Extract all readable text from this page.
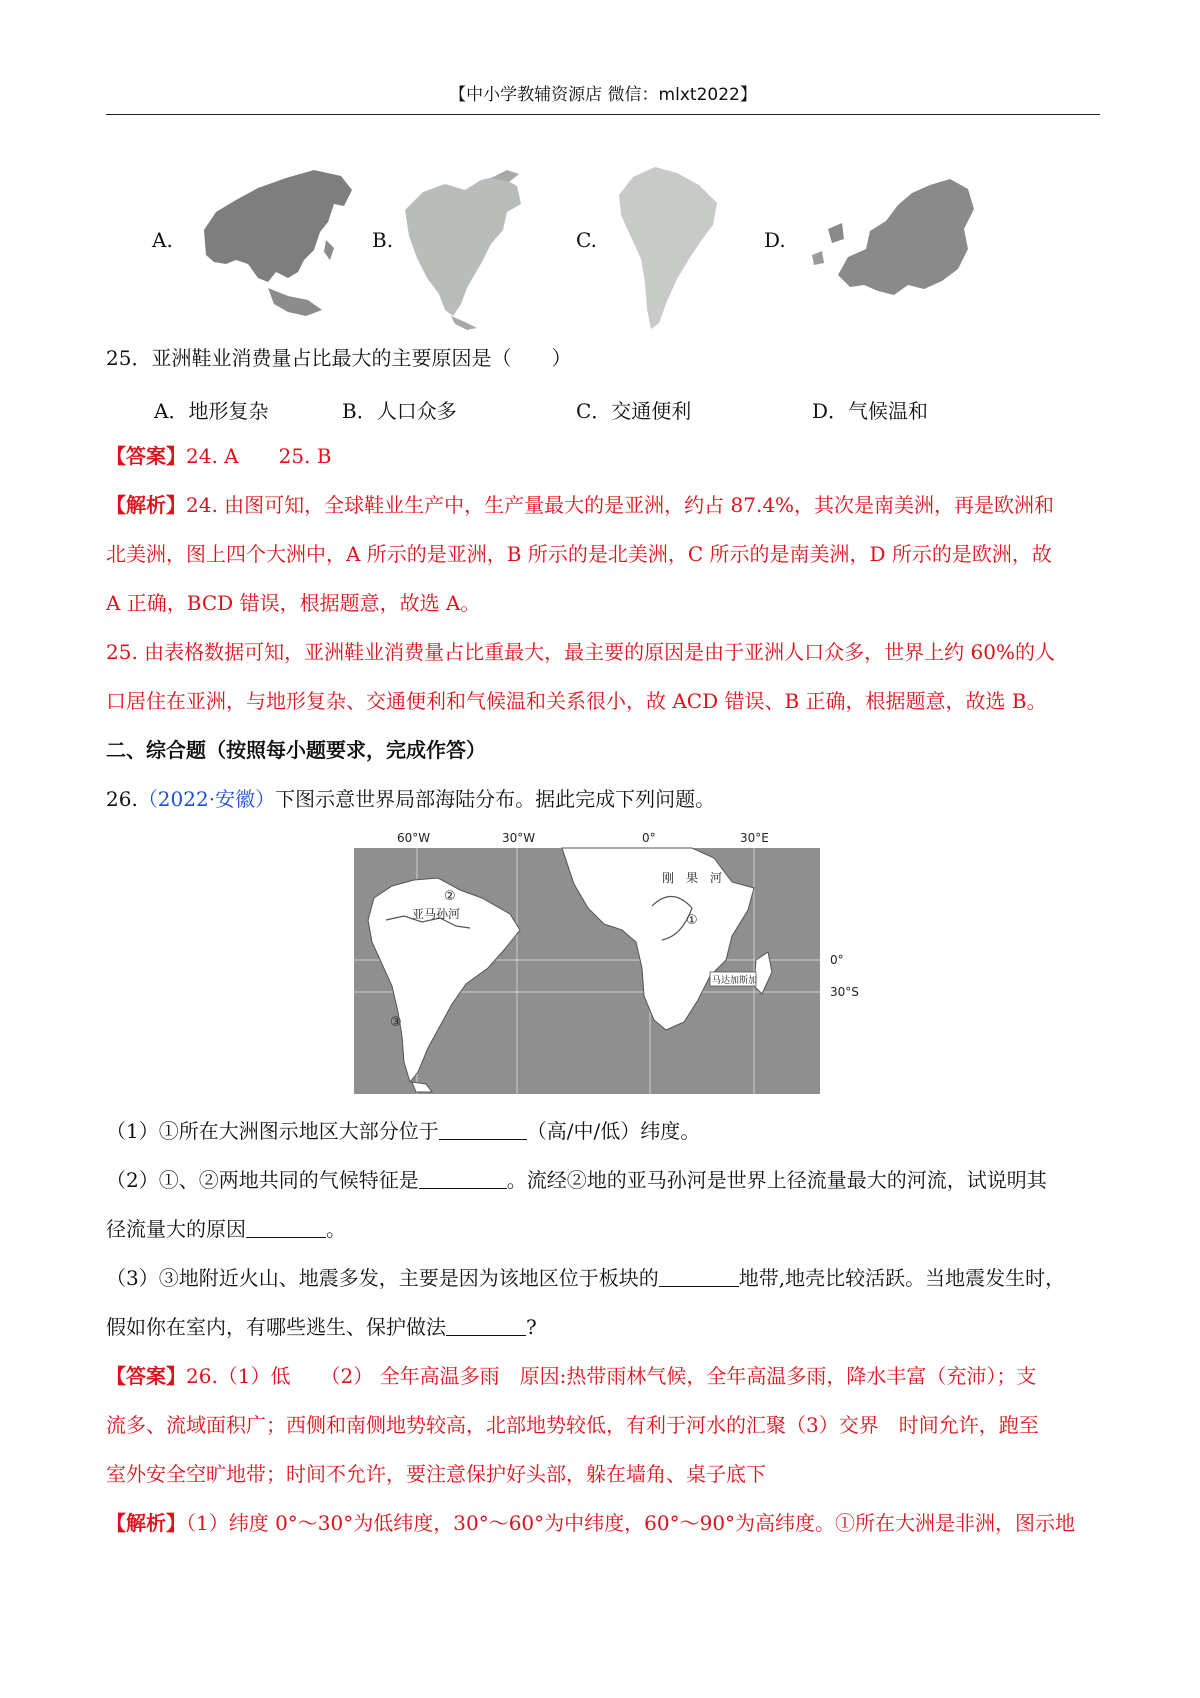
【中小学教辅资源店 微信：mlxt2022】
A.	B.	C.	D.
25．亚洲鞋业消费量占比最大的主要原因是（　　）
A．地形复杂	B．人口众多	C．交通便利	D．气候温和
【答案】24. A　　25. B
【解析】24. 由图可知，全球鞋业生产中，生产量最大的是亚洲，约占 87.4%，其次是南美洲，再是欧洲和
北美洲，图上四个大洲中，A 所示的是亚洲，B 所示的是北美洲，C 所示的是南美洲，D 所示的是欧洲，故
A 正确，BCD 错误，根据题意，故选 A。
25. 由表格数据可知，亚洲鞋业消费量占比重最大，最主要的原因是由于亚洲人口众多，世界上约 60%的人
口居住在亚洲，与地形复杂、交通便利和气候温和关系很小，故 ACD 错误、B 正确，根据题意，故选 B。
二、综合题（按照每小题要求，完成作答）
26.（2022·安徽）下图示意世界局部海陆分布。据此完成下列问题。
60°W	30°W	0°	30°E
0°
30°S
亚马孙河
②
刚 果 河
①
③
马达加斯加
（1）①所在大洲图示地区大部分位于	（高/中/低）纬度。
（2）①、②两地共同的气候特征是	。流经②地的亚马孙河是世界上径流量最大的河流，试说明其
径流量大的原因	。
（3）③地附近火山、地震多发，主要是因为该地区位于板块的	地带,地壳比较活跃。当地震发生时，
假如你在室内，有哪些逃生、保护做法	?
【答案】26.（1）低　　（2） 全年高温多雨　原因:热带雨林气候，全年高温多雨，降水丰富（充沛）；支
流多、流域面积广；西侧和南侧地势较高，北部地势较低，有利于河水的汇聚（3）交界　时间允许，跑至
室外安全空旷地带；时间不允许，要注意保护好头部，躲在墙角、桌子底下
【解析】（1）纬度 0°～30°为低纬度，30°～60°为中纬度，60°～90°为高纬度。①所在大洲是非洲，图示地
